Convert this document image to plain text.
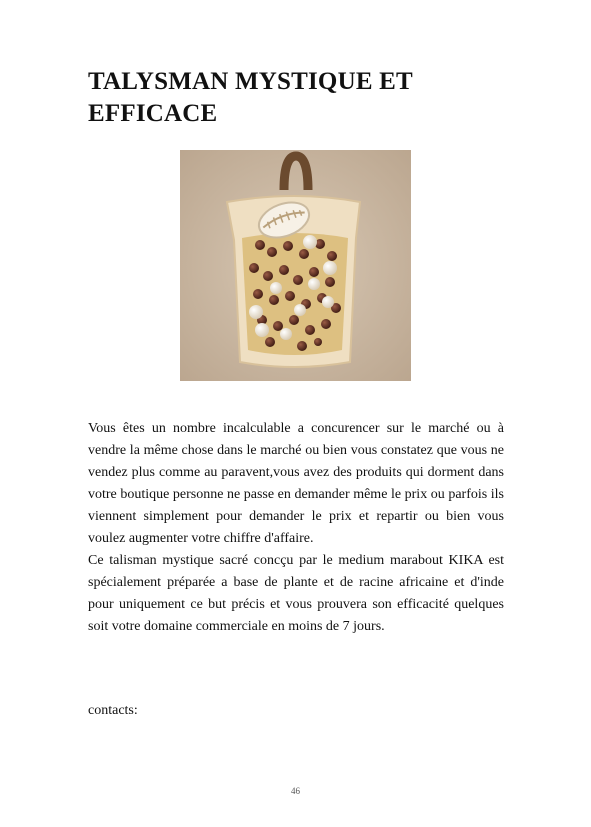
TALYSMAN MYSTIQUE ET EFFICACE

Vous êtes un nombre incalculable a concurencer sur le marché ou à vendre la même chose dans le marché ou bien vous constatez que vous ne vendez plus comme au paravent,vous avez des produits qui dorment dans votre boutique personne ne passe en demander même le prix ou parfois ils viennent simplement pour demander le prix et repartir ou bien vous voulez augmenter votre chiffre d'affaire.

Ce talisman mystique sacré concçu par le medium marabout KIKA est spécialement préparée a base de plante et de racine africaine et d'inde pour uniquement ce but précis et vous prouvera son efficacité quelques soit votre domaine commerciale en moins de 7 jours.

contacts:

46
